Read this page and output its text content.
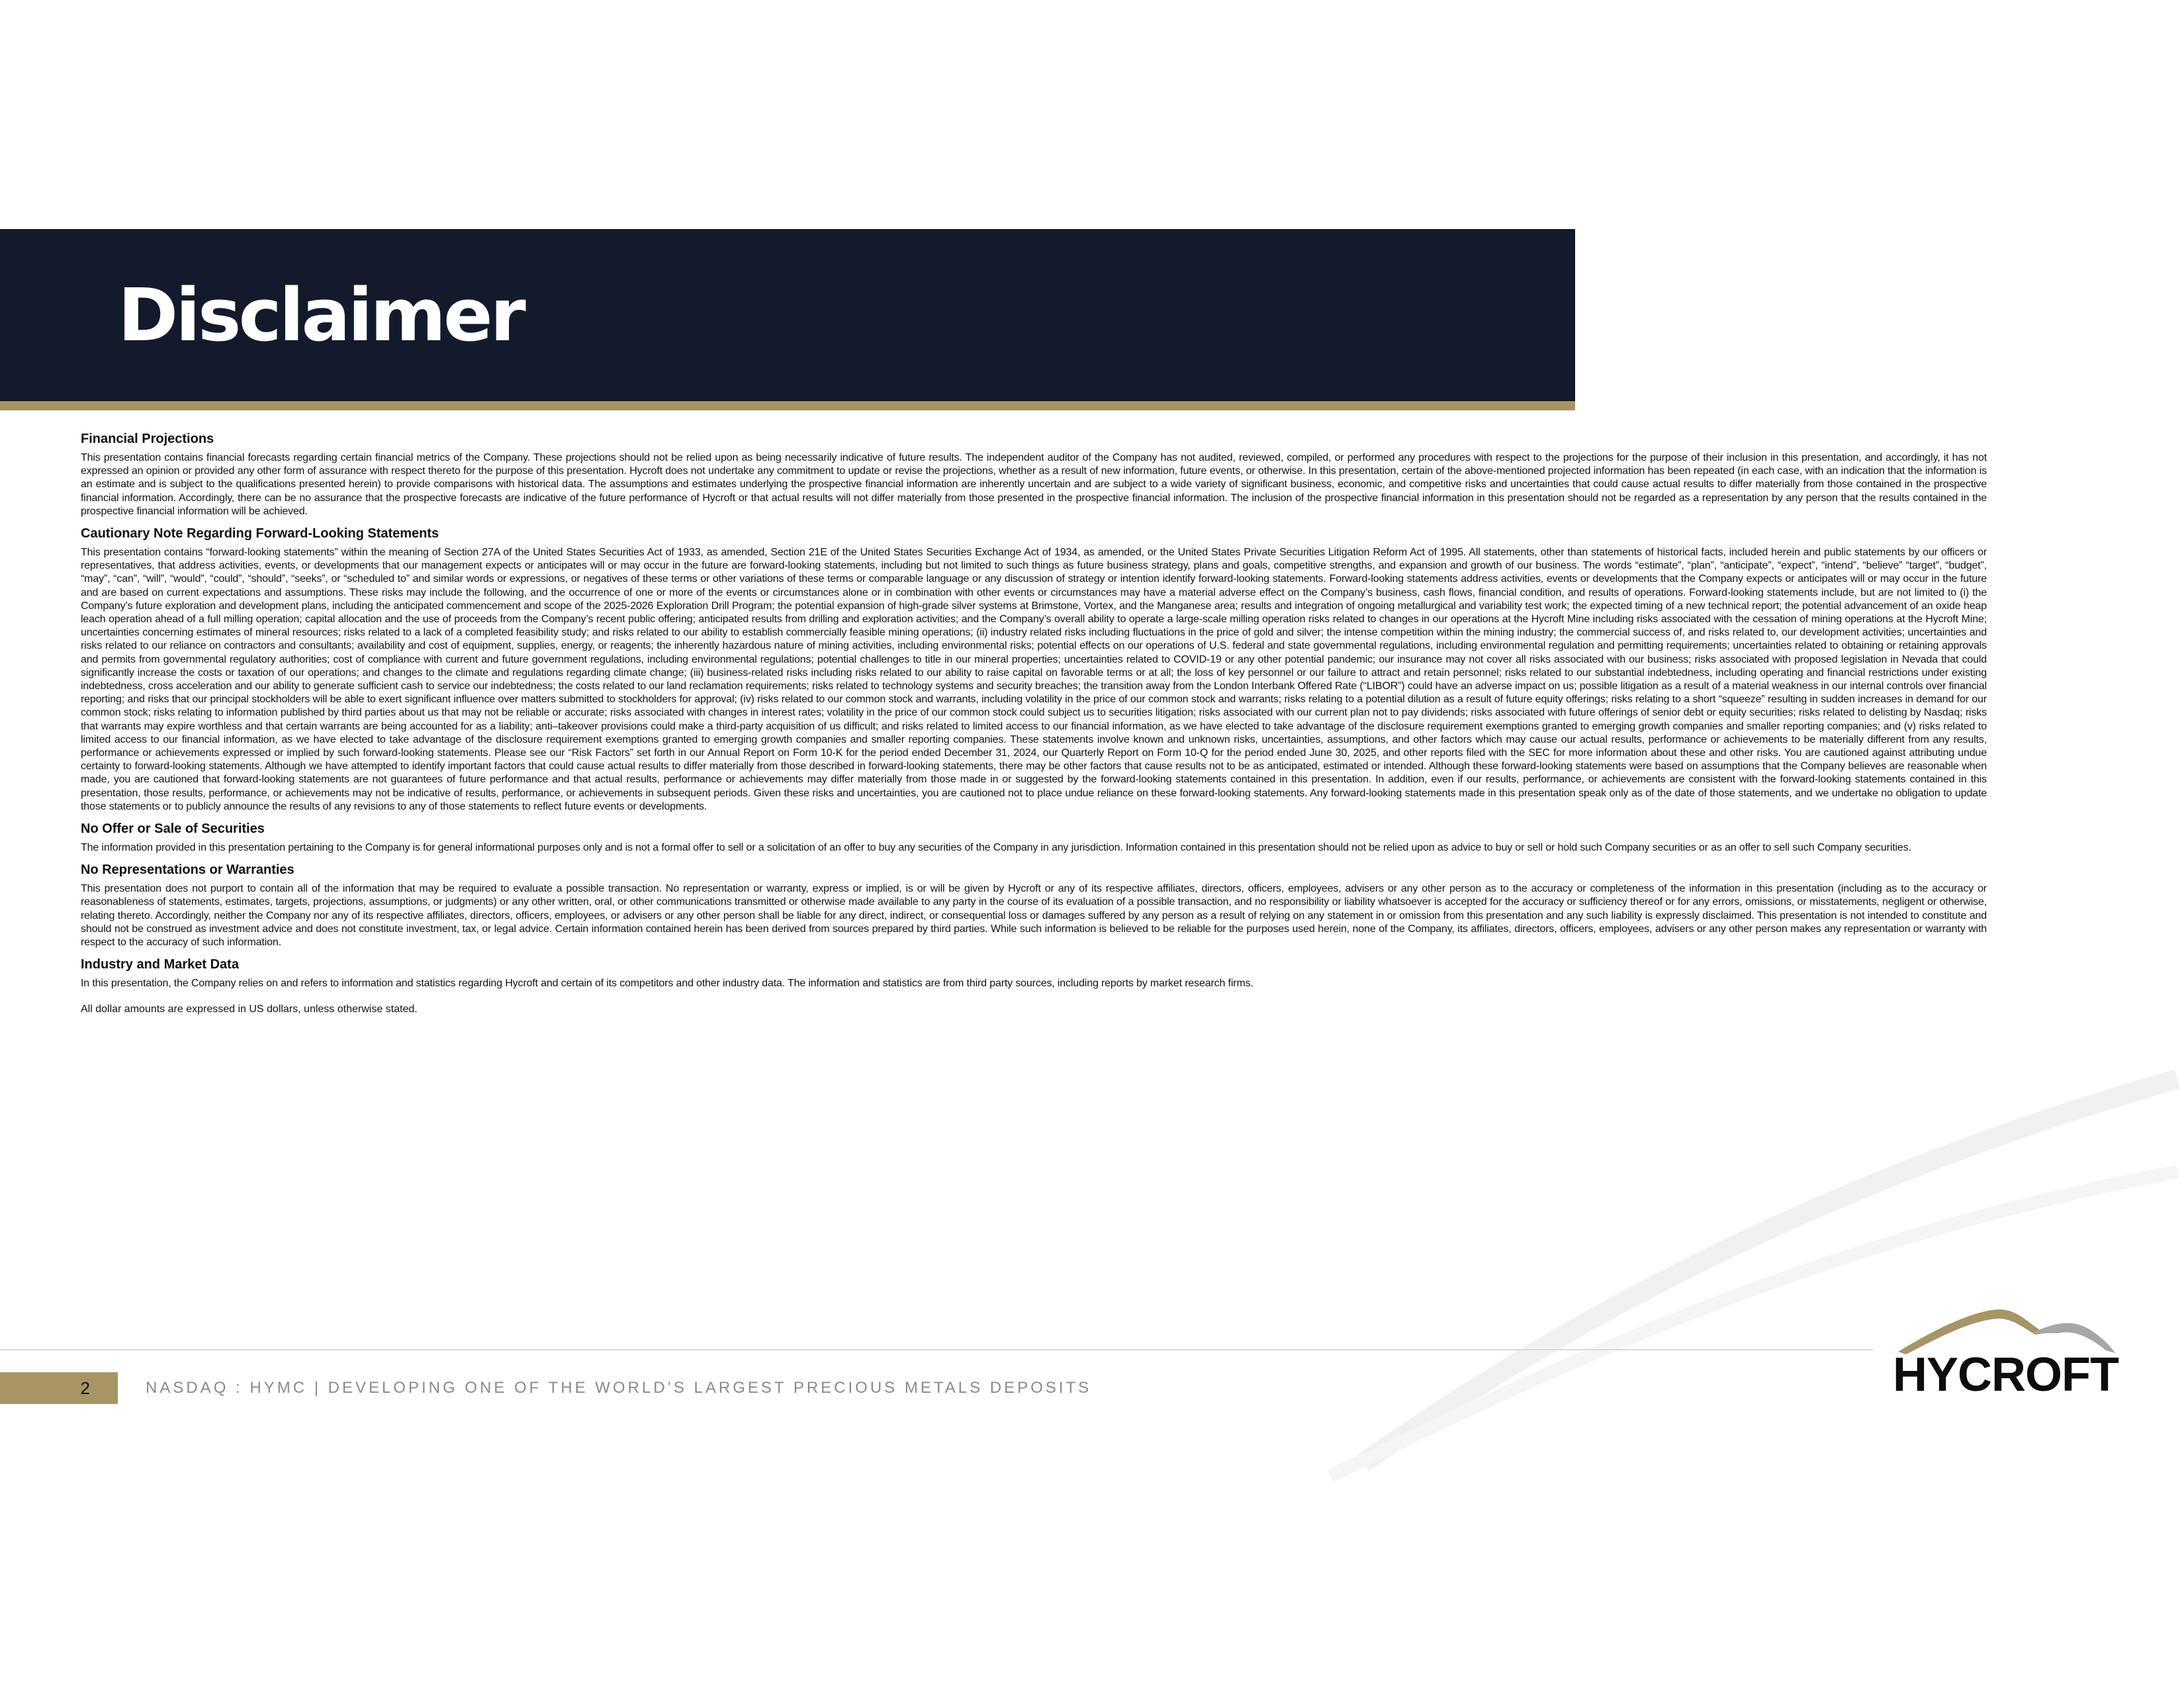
Disclaimer

Financial Projections

This presentation contains financial forecasts regarding certain financial metrics of the Company. These projections should not be relied upon as being necessarily indicative of future results. The independent auditor of the Company has not audited, reviewed, compiled, or performed any procedures with respect to the projections for the purpose of their inclusion in this presentation, and accordingly, it has not expressed an opinion or provided any other form of assurance with respect thereto for the purpose of this presentation. Hycroft does not undertake any commitment to update or revise the projections, whether as a result of new information, future events, or otherwise. In this presentation, certain of the above-mentioned projected information has been repeated (in each case, with an indication that the information is an estimate and is subject to the qualifications presented herein) to provide comparisons with historical data. The assumptions and estimates underlying the prospective financial information are inherently uncertain and are subject to a wide variety of significant business, economic, and competitive risks and uncertainties that could cause actual results to differ materially from those contained in the prospective financial information. Accordingly, there can be no assurance that the prospective forecasts are indicative of the future performance of Hycroft or that actual results will not differ materially from those presented in the prospective financial information. The inclusion of the prospective financial information in this presentation should not be regarded as a representation by any person that the results contained in the prospective financial information will be achieved.

Cautionary Note Regarding Forward-Looking Statements

This presentation contains “forward-looking statements” within the meaning of Section 27A of the United States Securities Act of 1933, as amended, Section 21E of the United States Securities Exchange Act of 1934, as amended, or the United States Private Securities Litigation Reform Act of 1995. All statements, other than statements of historical facts, included herein and public statements by our officers or representatives, that address activities, events, or developments that our management expects or anticipates will or may occur in the future are forward-looking statements, including but not limited to such things as future business strategy, plans and goals, competitive strengths, and expansion and growth of our business. The words “estimate”, “plan”, “anticipate”, “expect”, “intend”, “believe” “target”, “budget”, “may”, “can”, “will”, “would”, “could”, “should”, “seeks”, or “scheduled to” and similar words or expressions, or negatives of these terms or other variations of these terms or comparable language or any discussion of strategy or intention identify forward-looking statements. Forward-looking statements address activities, events or developments that the Company expects or anticipates will or may occur in the future and are based on current expectations and assumptions. These risks may include the following, and the occurrence of one or more of the events or circumstances alone or in combination with other events or circumstances may have a material adverse effect on the Company’s business, cash flows, financial condition, and results of operations. Forward-looking statements include, but are not limited to (i) the Company’s future exploration and development plans, including the anticipated commencement and scope of the 2025-2026 Exploration Drill Program; the potential expansion of high-grade silver systems at Brimstone, Vortex, and the Manganese area; results and integration of ongoing metallurgical and variability test work; the expected timing of a new technical report; the potential advancement of an oxide heap leach operation ahead of a full milling operation; capital allocation and the use of proceeds from the Company’s recent public offering; anticipated results from drilling and exploration activities; and the Company’s overall ability to operate a large-scale milling operation risks related to changes in our operations at the Hycroft Mine including risks associated with the cessation of mining operations at the Hycroft Mine; uncertainties concerning estimates of mineral resources; risks related to a lack of a completed feasibility study; and risks related to our ability to establish commercially feasible mining operations; (ii) industry related risks including fluctuations in the price of gold and silver; the intense competition within the mining industry; the commercial success of, and risks related to, our development activities; uncertainties and risks related to our reliance on contractors and consultants; availability and cost of equipment, supplies, energy, or reagents; the inherently hazardous nature of mining activities, including environmental risks; potential effects on our operations of U.S. federal and state governmental regulations, including environmental regulation and permitting requirements; uncertainties related to obtaining or retaining approvals and permits from governmental regulatory authorities; cost of compliance with current and future government regulations, including environmental regulations; potential challenges to title in our mineral properties; uncertainties related to COVID-19 or any other potential pandemic; our insurance may not cover all risks associated with our business; risks associated with proposed legislation in Nevada that could significantly increase the costs or taxation of our operations; and changes to the climate and regulations regarding climate change; (iii) business-related risks including risks related to our ability to raise capital on favorable terms or at all; the loss of key personnel or our failure to attract and retain personnel; risks related to our substantial indebtedness, including operating and financial restrictions under existing indebtedness, cross acceleration and our ability to generate sufficient cash to service our indebtedness; the costs related to our land reclamation requirements; risks related to technology systems and security breaches; the transition away from the London Interbank Offered Rate (“LIBOR”) could have an adverse impact on us; possible litigation as a result of a material weakness in our internal controls over financial reporting; and risks that our principal stockholders will be able to exert significant influence over matters submitted to stockholders for approval; (iv) risks related to our common stock and warrants, including volatility in the price of our common stock and warrants; risks relating to a potential dilution as a result of future equity offerings; risks relating to a short “squeeze” resulting in sudden increases in demand for our common stock; risks relating to information published by third parties about us that may not be reliable or accurate; risks associated with changes in interest rates; volatility in the price of our common stock could subject us to securities litigation; risks associated with our current plan not to pay dividends; risks associated with future offerings of senior debt or equity securities; risks related to delisting by Nasdaq; risks that warrants may expire worthless and that certain warrants are being accounted for as a liability; anti–takeover provisions could make a third-party acquisition of us difficult; and risks related to limited access to our financial information, as we have elected to take advantage of the disclosure requirement exemptions granted to emerging growth companies and smaller reporting companies; and (v) risks related to limited access to our financial information, as we have elected to take advantage of the disclosure requirement exemptions granted to emerging growth companies and smaller reporting companies. These statements involve known and unknown risks, uncertainties, assumptions, and other factors which may cause our actual results, performance or achievements to be materially different from any results, performance or achievements expressed or implied by such forward-looking statements. Please see our “Risk Factors” set forth in our Annual Report on Form 10-K for the period ended December 31, 2024, our Quarterly Report on Form 10-Q for the period ended June 30, 2025, and other reports filed with the SEC for more information about these and other risks. You are cautioned against attributing undue certainty to forward-looking statements. Although we have attempted to identify important factors that could cause actual results to differ materially from those described in forward-looking statements, there may be other factors that cause results not to be as anticipated, estimated or intended. Although these forward-looking statements were based on assumptions that the Company believes are reasonable when made, you are cautioned that forward-looking statements are not guarantees of future performance and that actual results, performance or achievements may differ materially from those made in or suggested by the forward-looking statements contained in this presentation. In addition, even if our results, performance, or achievements are consistent with the forward-looking statements contained in this presentation, those results, performance, or achievements may not be indicative of results, performance, or achievements in subsequent periods. Given these risks and uncertainties, you are cautioned not to place undue reliance on these forward-looking statements. Any forward-looking statements made in this presentation speak only as of the date of those statements, and we undertake no obligation to update those statements or to publicly announce the results of any revisions to any of those statements to reflect future events or developments.

No Offer or Sale of Securities

The information provided in this presentation pertaining to the Company is for general informational purposes only and is not a formal offer to sell or a solicitation of an offer to buy any securities of the Company in any jurisdiction. Information contained in this presentation should not be relied upon as advice to buy or sell or hold such Company securities or as an offer to sell such Company securities.

No Representations or Warranties

This presentation does not purport to contain all of the information that may be required to evaluate a possible transaction. No representation or warranty, express or implied, is or will be given by Hycroft or any of its respective affiliates, directors, officers, employees, advisers or any other person as to the accuracy or completeness of the information in this presentation (including as to the accuracy or reasonableness of statements, estimates, targets, projections, assumptions, or judgments) or any other written, oral, or other communications transmitted or otherwise made available to any party in the course of its evaluation of a possible transaction, and no responsibility or liability whatsoever is accepted for the accuracy or sufficiency thereof or for any errors, omissions, or misstatements, negligent or otherwise, relating thereto. Accordingly, neither the Company nor any of its respective affiliates, directors, officers, employees, or advisers or any other person shall be liable for any direct, indirect, or consequential loss or damages suffered by any person as a result of relying on any statement in or omission from this presentation and any such liability is expressly disclaimed. This presentation is not intended to constitute and should not be construed as investment advice and does not constitute investment, tax, or legal advice. Certain information contained herein has been derived from sources prepared by third parties. While such information is believed to be reliable for the purposes used herein, none of the Company, its affiliates, directors, officers, employees, advisers or any other person makes any representation or warranty with respect to the accuracy of such information.

Industry and Market Data

In this presentation, the Company relies on and refers to information and statistics regarding Hycroft and certain of its competitors and other industry data. The information and statistics are from third party sources, including reports by market research firms.

All dollar amounts are expressed in US dollars, unless otherwise stated.

2	NASDAQ : HYMC | DEVELOPING ONE OF THE WORLD’S LARGEST PRECIOUS METALS DEPOSITS	HYCROFT
